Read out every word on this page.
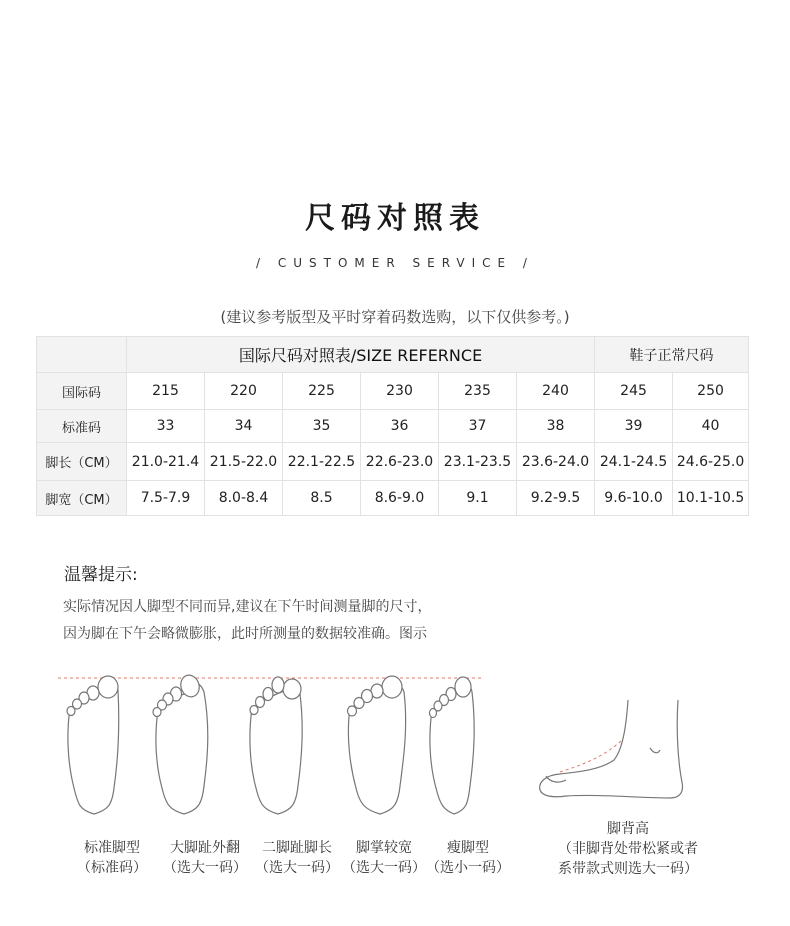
尺码对照表
/ CUSTOMER SERVICE /
(建议参考版型及平时穿着码数选购，以下仅供参考。)
	国际尺码对照表/SIZE REFERNCE						鞋子正常尺码	
国际码	215	220	225	230	235	240	245	250
标准码	33	34	35	36	37	38	39	40
脚长（CM）	21.0-21.4	21.5-22.0	22.1-22.5	22.6-23.0	23.1-23.5	23.6-24.0	24.1-24.5	24.6-25.0
脚宽（CM）	7.5-7.9	8.0-8.4	8.5	8.6-9.0	9.1	9.2-9.5	9.6-10.0	10.1-10.5
温馨提示:
实际情况因人脚型不同而异,建议在下午时间测量脚的尺寸，
因为脚在下午会略微膨胀，此时所测量的数据较准确。图示
标准脚型
（标准码）
大脚趾外翻
（选大一码）
二脚趾脚长
（选大一码）
脚掌较宽
（选大一码）
瘦脚型
（选小一码）
脚背高
（非脚背处带松紧或者
系带款式则选大一码）
